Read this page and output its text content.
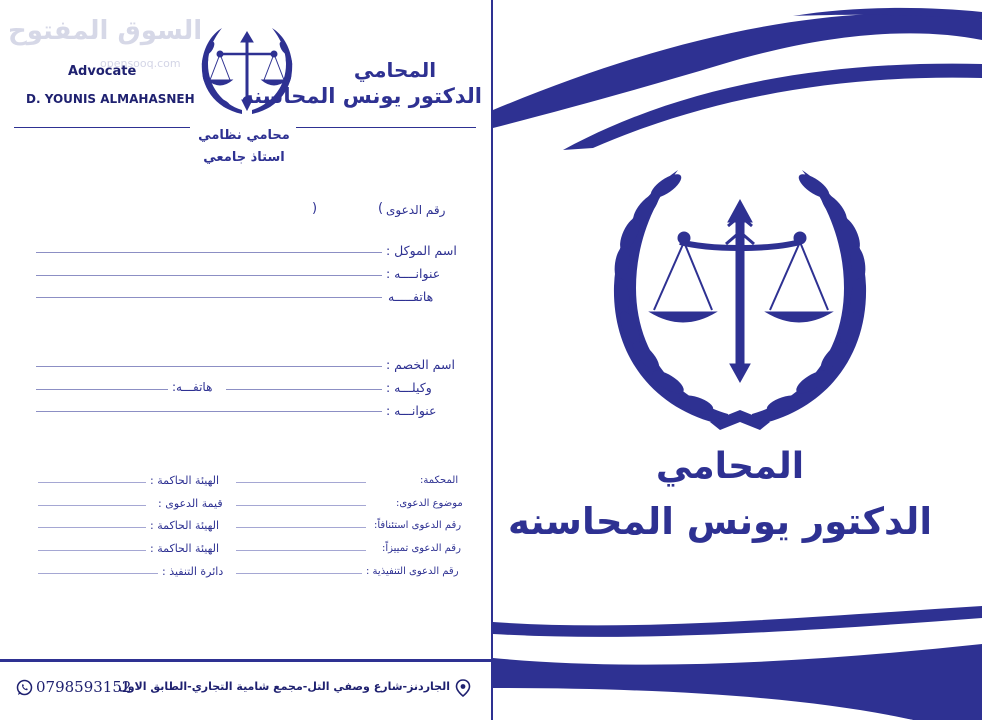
السوق المفتوح
opensooq.com
Advocate
D. YOUNIS ALMAHASNEH
المحامي
الدكتور يونس المحاسنه
محامي نظامي
استاذ جامعي
رقم الدعوى
(
)
اسم الموكل :
عنوانــــه :
هاتفـــــه
اسم الخصم :
وكيلـــه :
هاتفـــه:
عنوانـــه :
المحكمة:
الهيئة الحاكمة :
موضوع الدعوى:
قيمة الدعوى :
رقم الدعوى استئنافاً:
الهيئة الحاكمة :
رقم الدعوى تمييزاً:
الهيئة الحاكمة :
رقم الدعوى التنفيذية :
دائرة التنفيذ :
الجاردنز-شارع وصفي التل-مجمع شامية التجاري-الطابق الاول
0798593152
المحامي
الدكتور يونس المحاسنه
